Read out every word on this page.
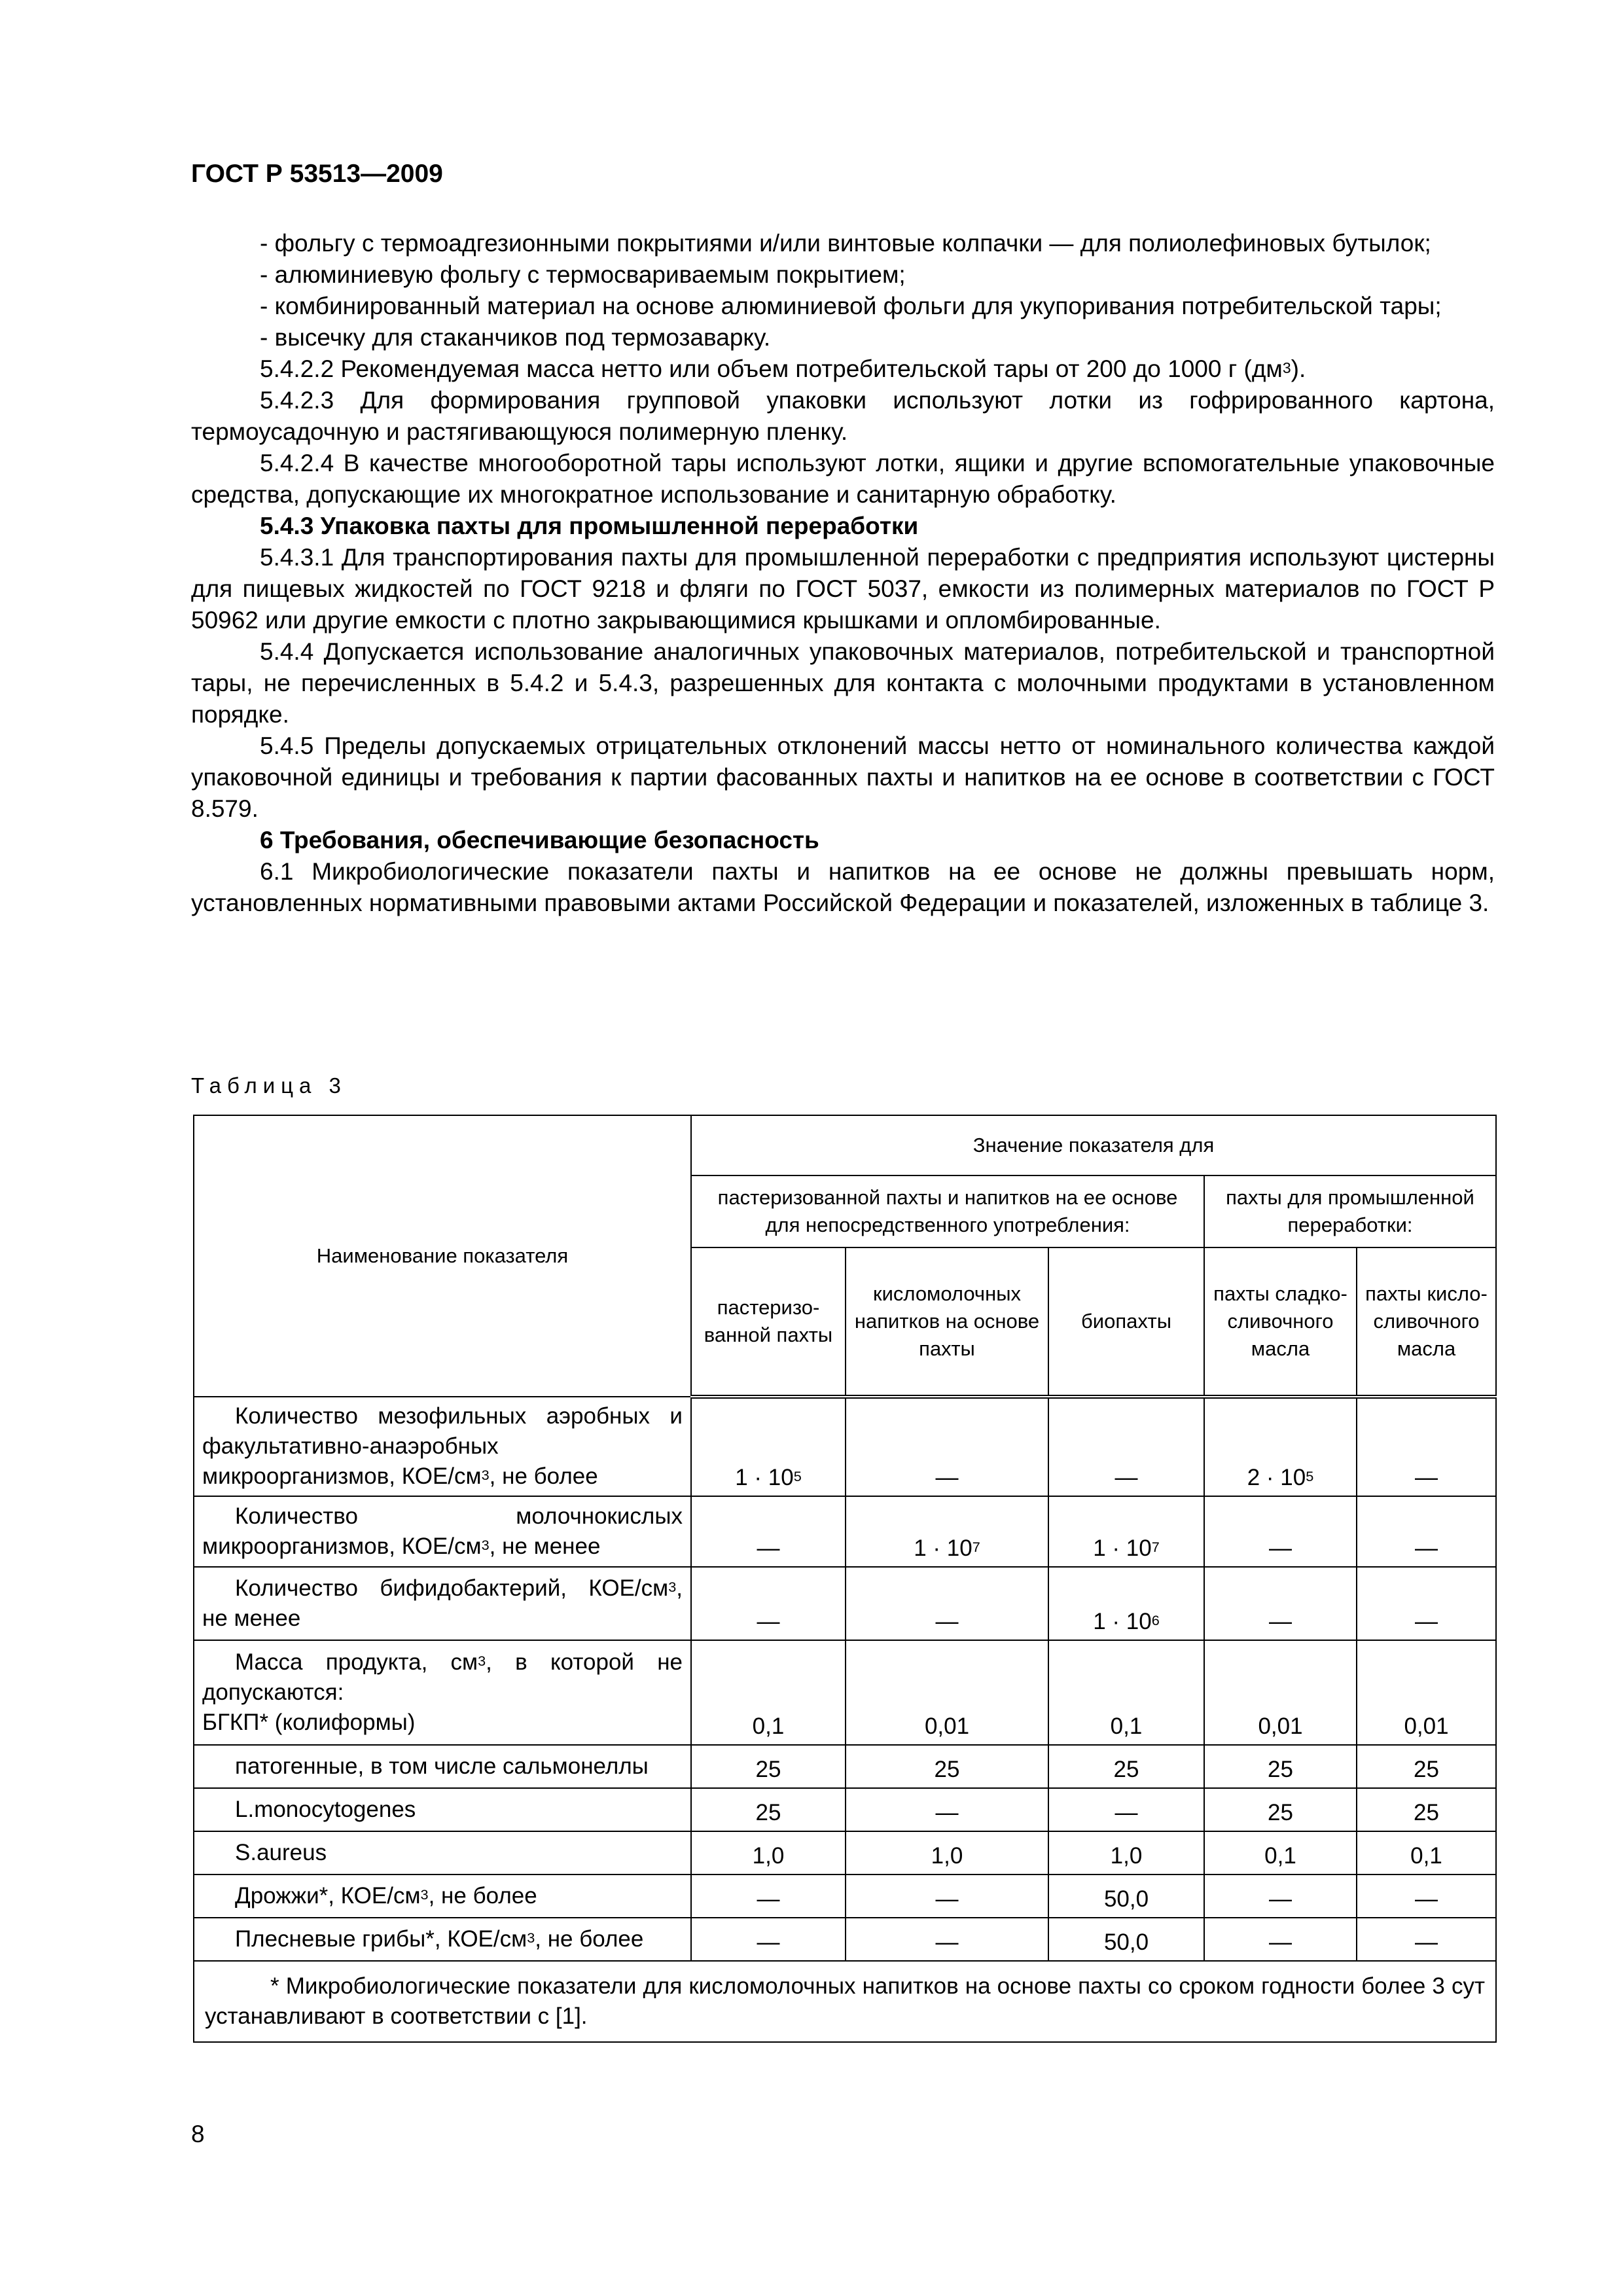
ГОСТ Р 53513—2009

- фольгу с термоадгезионными покрытиями и/или винтовые колпачки — для полиолефиновых бутылок;

- алюминиевую фольгу с термосвариваемым покрытием;

- комбинированный материал на основе алюминиевой фольги для укупоривания потребительской тары;

- высечку для стаканчиков под термозаварку.

5.4.2.2 Рекомендуемая масса нетто или объем потребительской тары от 200 до 1000 г $(дм^3)$.

5.4.2.3 Для формирования групповой упаковки используют лотки из гофрированного картона, термоусадочную и растягивающуюся полимерную пленку.

5.4.2.4 В качестве многооборотной тары используют лотки, ящики и другие вспомогательные упаковочные средства, допускающие их многократное использование и санитарную обработку.

5.4.3 Упаковка пахты для промышленной переработки

5.4.3.1 Для транспортирования пахты для промышленной переработки с предприятия используют цистерны для пищевых жидкостей по ГОСТ 9218 и фляги по ГОСТ 5037, емкости из полимерных материалов по ГОСТ Р 50962 или другие емкости с плотно закрывающимися крышками и опломбированные.

5.4.4 Допускается использование аналогичных упаковочных материалов, потребительской и транспортной тары, не перечисленных в 5.4.2 и 5.4.3, разрешенных для контакта с молочными продуктами в установленном порядке.

5.4.5 Пределы допускаемых отрицательных отклонений массы нетто от номинального количества каждой упаковочной единицы и требования к партии фасованных пахты и напитков на ее основе в соответствии с ГОСТ 8.579.

6 Требования, обеспечивающие безопасность

6.1 Микробиологические показатели пахты и напитков на ее основе не должны превышать норм, установленных нормативными правовыми актами Российской Федерации и показателей, изложенных в таблице 3.

Таблица 3
Наименование показателя	Значение показателя для				
	пастеризованной пахты и напитков на ее основе для непосредственного употребления:			пахты для промышленной переработки:	
	пастеризо-ванной пахты	кисломолочных напитков на основе пахты	биопахты	пахты сладко-сливочного масла	пахты кисло-сливочного масла
Количество мезофильных аэробных и факультативно-анаэробных микроорганизмов, КОЕ/$см^3$, не более	$1 \cdot 10^5$	—	—	$2 \cdot 10^5$	—
Количество молочнокислых микроорганизмов, КОЕ/$см^3$, не менее	—	$1 \cdot 10^7$	$1 \cdot 10^7$	—	—
Количество бифидобактерий, КОЕ/$см^3$, не менее	—	—	$1 \cdot 10^6$	—	—
Масса продукта, $см^3$, в которой не допускаются:
БГКП* (колиформы)	0,1	0,01	0,1	0,01	0,01
патогенные, в том числе сальмонеллы	25	25	25	25	25
L.monocytogenes	25	—	—	25	25
S.aureus	1,0	1,0	1,0	0,1	0,1
Дрожжи*, КОЕ/$см^3$, не более	—	—	50,0	—	—
Плесневые грибы*, КОЕ/$см^3$, не более	—	—	50,0	—	—
* Микробиологические показатели для кисломолочных напитков на основе пахты со сроком годности более 3 сут устанавливают в соответствии с [1].					
8
